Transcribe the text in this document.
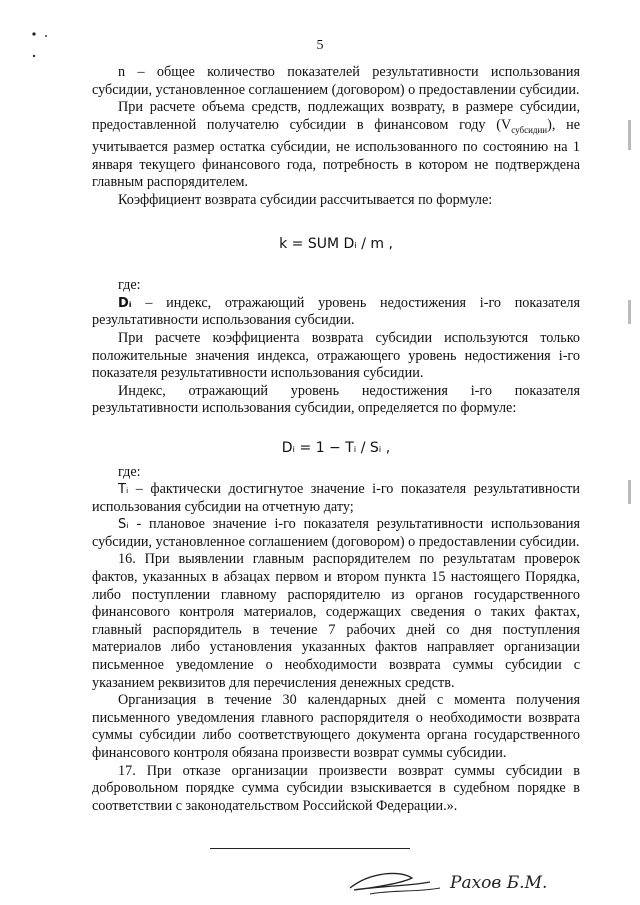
5

n – общее количество показателей результативности использования субсидии, установленное соглашением (договором) о предоставлении субсидии.

При расчете объема средств, подлежащих возврату, в размере субсидии, предоставленной получателю субсидии в финансовом году $(V_{субсидии})$, не учитывается размер остатка субсидии, не использованного по состоянию на 1 января текущего финансового года, потребность в котором не подтверждена главным распорядителем.

Коэффициент возврата субсидии рассчитывается по формуле:

k = SUM Dᵢ / m ,

где:

Dᵢ – индекс, отражающий уровень недостижения i-го показателя результативности использования субсидии.

При расчете коэффициента возврата субсидии используются только положительные значения индекса, отражающего уровень недостижения i-го показателя результативности использования субсидии.

Индекс, отражающий уровень недостижения i-го показателя результативности использования субсидии, определяется по формуле:

Dᵢ = 1 − Tᵢ / Sᵢ ,

где:

Tᵢ – фактически достигнутое значение i-го показателя результативности использования субсидии на отчетную дату;

Sᵢ - плановое значение i-го показателя результативности использования субсидии, установленное соглашением (договором) о предоставлении субсидии.

16. При выявлении главным распорядителем по результатам проверок фактов, указанных в абзацах первом и втором пункта 15 настоящего Порядка, либо поступлении главному распорядителю из органов государственного финансового контроля материалов, содержащих сведения о таких фактах, главный распорядитель в течение 7 рабочих дней со дня поступления материалов либо установления указанных фактов направляет организации письменное уведомление о необходимости возврата суммы субсидии с указанием реквизитов для перечисления денежных средств.

Организация в течение 30 календарных дней с момента получения письменного уведомления главного распорядителя о необходимости возврата суммы субсидии либо соответствующего документа органа государственного финансового контроля обязана произвести возврат суммы субсидии.

17. При отказе организации произвести возврат суммы субсидии в добровольном порядке сумма субсидии взыскивается в судебном порядке в соответствии с законодательством Российской Федерации.».

Рахов Б.М.
